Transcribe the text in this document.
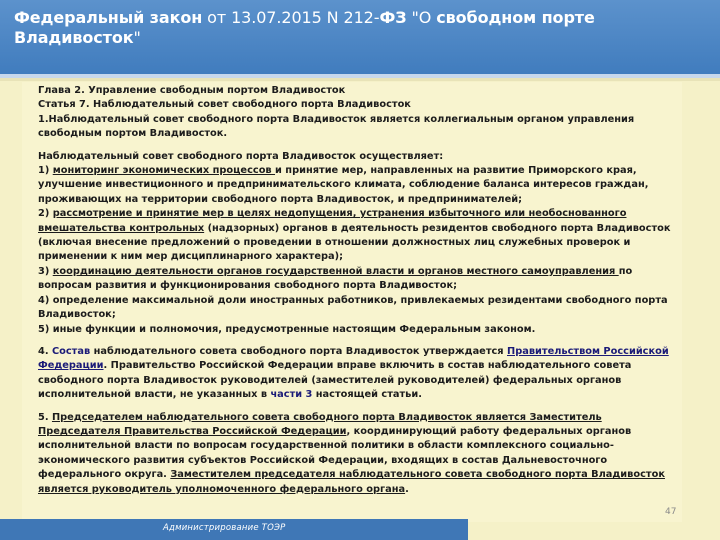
Федеральный закон от 13.07.2015 N 212-ФЗ "О свободном порте Владивосток"

Глава 2. Управление свободным портом Владивосток

Статья 7. Наблюдательный совет свободного порта Владивосток

1.Наблюдательный совет свободного порта Владивосток является коллегиальным органом управления свободным портом Владивосток.

Наблюдательный совет свободного порта Владивосток осуществляет:

1) мониторинг экономических процессов и принятие мер, направленных на развитие Приморского края, улучшение инвестиционного и предпринимательского климата, соблюдение баланса интересов граждан, проживающих на территории свободного порта Владивосток, и предпринимателей;

2) рассмотрение и принятие мер в целях недопущения, устранения избыточного или необоснованного вмешательства контрольных (надзорных) органов в деятельность резидентов свободного порта Владивосток (включая внесение предложений о проведении в отношении должностных лиц служебных проверок и применении к ним мер дисциплинарного характера);

3) координацию деятельности органов государственной власти и органов местного самоуправления по вопросам развития и функционирования свободного порта Владивосток;

4) определение максимальной доли иностранных работников, привлекаемых резидентами свободного порта Владивосток;

5) иные функции и полномочия, предусмотренные настоящим Федеральным законом.

4. Состав наблюдательного совета свободного порта Владивосток утверждается Правительством Российской Федерации. Правительство Российской Федерации вправе включить в состав наблюдательного совета свободного порта Владивосток руководителей (заместителей руководителей) федеральных органов исполнительной власти, не указанных в части 3 настоящей статьи.

5. Председателем наблюдательного совета свободного порта Владивосток является Заместитель Председателя Правительства Российской Федерации, координирующий работу федеральных органов исполнительной власти по вопросам государственной политики в области комплексного социально-экономического развития субъектов Российской Федерации, входящих в состав Дальневосточного федерального округа. Заместителем председателя наблюдательного совета свободного порта Владивосток является руководитель уполномоченного федерального органа.

47
Администрирование ТОЭР
